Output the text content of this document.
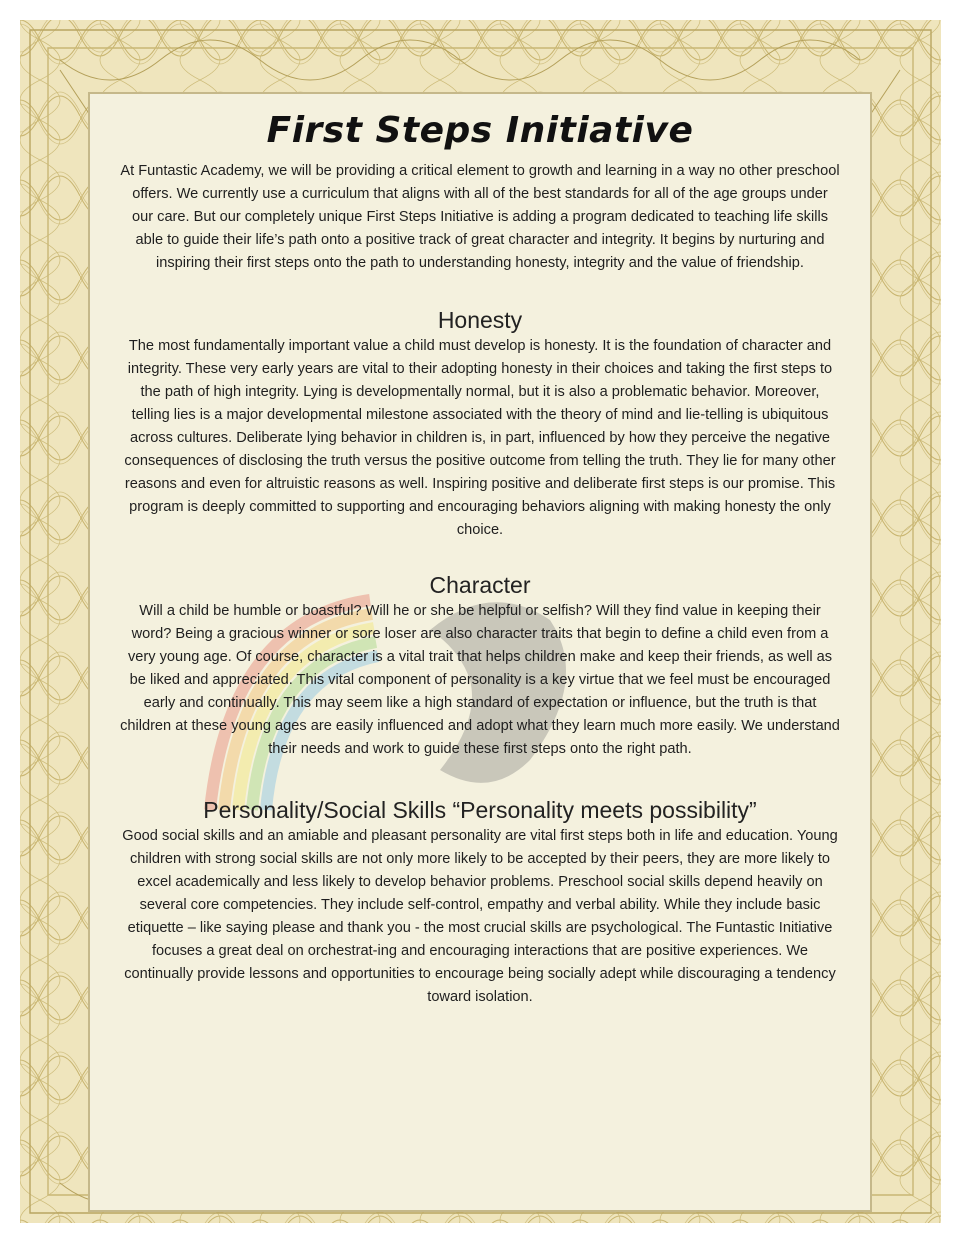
First Steps Initiative

At Funtastic Academy, we will be providing a critical element to growth and learning in a way no other preschool offers. We currently use a curriculum that aligns with all of the best standards for all of the age groups under our care. But our completely unique First Steps Initiative is adding a program dedicated to teaching life skills able to guide their life’s path onto a positive track of great character and integrity. It begins by nurturing and inspiring their first steps onto the path to understanding honesty, integrity and the value of friendship.

Honesty

The most fundamentally important value a child must develop is honesty. It is the foundation of character and integrity. These very early years are vital to their adopting honesty in their choices and taking the first steps to the path of high integrity. Lying is developmentally normal, but it is also a problematic behavior. Moreover, telling lies is a major developmental milestone associated with the theory of mind and lie-telling is ubiquitous across cultures. Deliberate lying behavior in children is, in part, influenced by how they perceive the negative consequences of disclosing the truth versus the positive outcome from telling the truth. They lie for many other reasons and even for altruistic reasons as well. Inspiring positive and deliberate first steps is our promise. This program is deeply committed to supporting and encouraging behaviors aligning with making honesty the only choice.

Character

Will a child be humble or boastful? Will he or she be helpful or selfish? Will they find value in keeping their word? Being a gracious winner or sore loser are also character traits that begin to define a child even from a very young age. Of course, character is a vital trait that helps children make and keep their friends, as well as be liked and appreciated. This vital component of personality is a key virtue that we feel must be encouraged early and continually. This may seem like a high standard of expectation or influence, but the truth is that children at these young ages are easily influenced and adopt what they learn much more easily. We understand their needs and work to guide these first steps onto the right path.

Personality/Social Skills “Personality meets possibility”

Good social skills and an amiable and pleasant personality are vital first steps both in life and education. Young children with strong social skills are not only more likely to be accepted by their peers, they are more likely to excel academically and less likely to develop behavior problems. Preschool social skills depend heavily on several core competencies. They include self-control, empathy and verbal ability. While they include basic etiquette – like saying please and thank you - the most crucial skills are psychological. The Funtastic Initiative focuses a great deal on orchestrat-ing and encouraging interactions that are positive experiences. We continually provide lessons and opportunities to encourage being socially adept while discouraging a tendency toward isolation.
